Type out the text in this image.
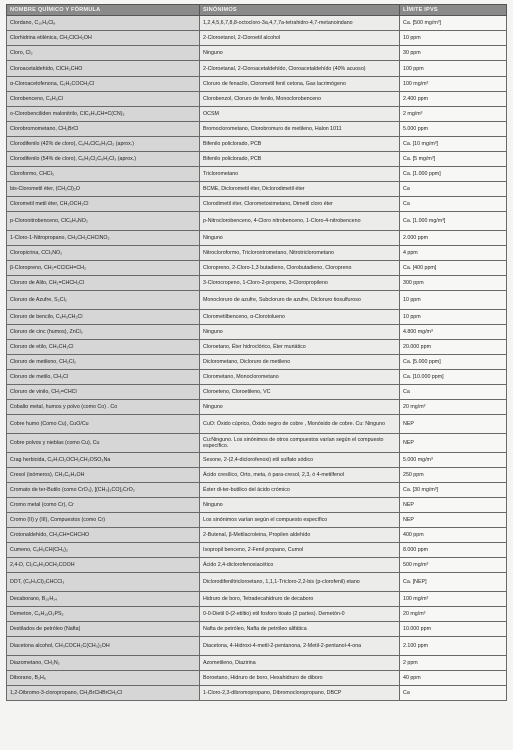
NOMBRE QUÍMICO Y FÓRMULA	SINÓNIMOS	LÍMITE IPVS
Clordano, C₁₀H₆Cl₈	1,2,4,5,6,7,8,8-octocloro-3a,4,7,7a-tetrahidro-4,7-metanoindano	Ca. [500 mg/m³]
Clorhidrina etilénica, CH₂ClCH₂OH	2-Cloroetanol, 2-Cloroetil alcohol	10 ppm
Cloro, Cl₂	Ninguno	30 ppm
Cloroacetaldehído, ClCH₂CHO	2-Cloroetanal, 2-Cloroacetaldehído, Cloroacetaldehído (40% acuoso)	100 ppm
α-Cloroacetofenona, C₆H₅COCH₂Cl	Cloruro de fenacilo, Clorometil fenil cetona, Gas lacrimógeno	100 mg/m³
Clorobenceno, C₆H₅Cl	Clorobenzol, Cloruro de fenilo, Monoclorobenceno	2.400 ppm
o-Clorobenciliden malonitrilo, ClC₆H₄CH=C(CN)₂	OCSM	2 mg/m³
Clorobromometano, CH₂BrCl	Bromoclorometano, Clorobromuro de metileno, Halon 1011	5.000 ppm
Clorodifenilo (42% de cloro), C₆H₄ClC₆H₃Cl₂ (aprox.)	Bifenilo policlorado, PCB	Ca. [10 mg/m³]
Clorodifenilo (54% de cloro), C₆H₃Cl₂C₆H₂Cl₃ (aprox.)	Bifenilo policlorado, PCB	Ca. [5 mg/m³]
Cloroformo, CHCl₃	Triclorometano	Ca. [1.000 ppm]
bis-Clorometil éter, (CH₂Cl)₂O	BCME, Diclorometil éter, Diclorodimetil éter	Ca
Clorometil metil éter, CH₃OCH₂Cl	Clorodimetil éter, Clorometoximetano, Dimetil cloro éter	Ca
p-Cloronitrobenceno, ClC₆H₄NO₂	p-Nitroclorobenceno, 4-Cloro nitrobenceno, 1-Cloro-4-nitrobenceno	Ca. [1.000 mg/m³]
1-Cloro-1-Nitropropano, CH₃CH₂CHClNO₂	Ninguno	2.000 ppm
Cloropicrina, CCl₃NO₂	Nitrocloroformo, Triclorontrometano, Nitrotriclorometano	4 ppm
β-Cloropreno, CH₂=CClCH=CH₂	Cloropreno, 2-Cloro-1,3 butadieno, Clorobutadieno, Cloropreno	Ca. [400 ppm]
Cloruro de Alilo, CH₂=CHCH₂Cl	3-Clorocropeno, 1-Cloro-2-propeno, 3-Cloropropileno	300 ppm
Cloruro de Azufre, S₂Cl₂	Monocloruro de azufre, Subcloruro de azufre, Dicloruro tiosulfuroso	10 ppm
Cloruro de bencilo, C₆H₅CH₂Cl	Clorometilbenceno, α-Clorotolueno	10 ppm
Cloruro de cinc (humos), ZnCl₂	Ninguno	4.800 mg/m³
Cloruro de etilo, CH₃CH₂Cl	Cloroetano, Éter hidroclórico, Éter muriático	20.000 ppm
Cloruro de metileno, CH₂Cl₂	Diclorometano, Dicloruro de metileno	Ca. [5.000 ppm]
Cloruro de metilo, CH₃Cl	Clorometano, Monoclorometano	Ca. [10.000 ppm]
Cloruro de vinilo, CH₂=CHCl	Cloroeteno, Cloroetileno, VC	Ca
Cobalto metal, humos y polvo (como Co) . Co	Ninguno	20 mg/m³
Cobre humo (Como Cu), CuO/Cu	CuO: Óxido cúprico, Óxido negro de cobre , Monóxido de cobre. Cu: Ninguno	NEP
Cobre polvos y nieblas (como Cu), Cu	Cu:Ninguno. Los sinónimos de otros compuestos varían según el compuesto específico.	NEP
Crag herbicida, C₈H₇Cl₂OCH₂CH₂OSO₃Na	Sesone, 2-(2,4-diclorofenoxi) etil sulfato sódico	5.000 mg/m³
Cresol (isómeros), CH₃C₆H₄OH	Ácido cresílico, Orto, meta, ó para-cresol, 2,3, ó 4-metilfenol	250 ppm
Cromato de ter-Butilo (como CrO₃), [(CH₃)₃CO]₂CrO₂	Éster di-ter-butilico del ácido crómico	Ca. [30 mg/m³]
Cromo metal (como Cr), Cr	Ninguno	NEP
Cromo (II) y (III), Compuestos (como Cr)	Los sinónimos varían según el compuesto específico	NEP
Crotonaldehído, CH₃CH=CHCHO	2-Butenal, β-Metilacroleina, Propilen aldehído	400 ppm
Cumeno, C₆H₅CH(CH₃)₂	Isopropil benceno, 2-Fenil propano, Cumol	8.000 ppm
2,4-D, Cl₂C₆H₃OCH₂COOH	Ácido 2,4-diclorofenoxiacético	500 mg/m³
DDT, (C₆H₄Cl)₂CHCCl₃	Diclorodifeniltricloroetano, 1,1,1-Tricloro-2,2-bis (p-clorofenil) etano	Ca. [NEP]
Decaborano, B₁₀H₁₄	Hidruro de boro, Tetradecahidruro de decaboro	100 mg/m³
Demeton, C₈H₁₉O₃PS₂	0-0-Dietil 0-(2-etiltio) etil fosforo tioato (2 partes). Demetón-0	20 mg/m³
Destilados de petróleo (Nafta)	Nafta de petróleo, Nafta de petróleo alifática	10.000 ppm
Diacetona alcohol, CH₃COCH₂C(CH₃)₂OH	Diacetona, 4-Hidroxi-4-metil-2-pentanona, 2-Metil-2-pentanol-4-ona	2.100 ppm
Diazometano, CH₂N₂	Azometileno, Diazirina	2 ppm
Diborano, B₂H₆	Boroetano, Hidruro de boro, Hexahidruro de diboro	40 ppm
1,2-Dibromo-3-cloropropano, CH₂BrCHBrCH₂Cl	1-Cloro-2,3-dibromopropano, Dibromocloropropano, DBCP	Ca
